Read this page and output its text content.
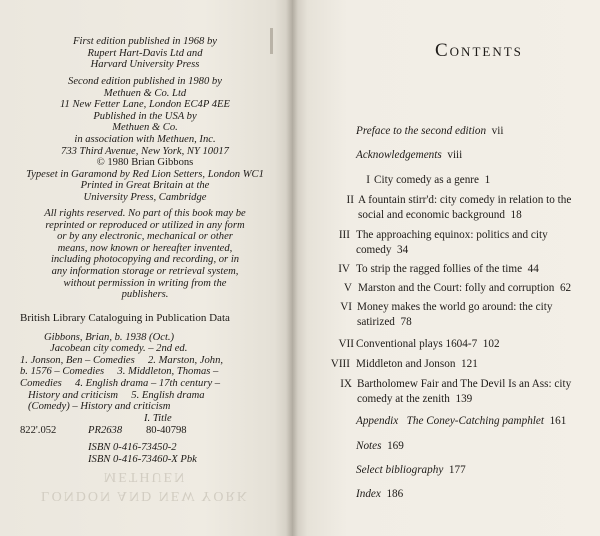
First edition published in 1968 by
Rupert Hart-Davis Ltd and
Harvard University Press
Second edition published in 1980 by
Methuen & Co. Ltd
11 New Fetter Lane, London EC4P 4EE
Published in the USA by
Methuen & Co.
in association with Methuen, Inc.
733 Third Avenue, New York, NY 10017
© 1980 Brian Gibbons
Typeset in Garamond by Red Lion Setters, London WC1
Printed in Great Britain at the
University Press, Cambridge
All rights reserved. No part of this book may be
reprinted or reproduced or utilized in any form
or by any electronic, mechanical or other
means, now known or hereafter invented,
including photocopying and recording, or in
any information storage or retrieval system,
without permission in writing from the
publishers.
British Library Cataloguing in Publication Data
Gibbons, Brian, b. 1938 (Oct.)
Jacobean city comedy. – 2nd ed.
1. Jonson, Ben – Comedies     2. Marston, John,
b. 1576 – Comedies     3. Middleton, Thomas –
Comedies     4. English drama – 17th century –
History and criticism     5. English drama
(Comedy) – History and criticism
I. Title
822'.052	PR2638 80-40798
ISBN 0-416-73450-2
ISBN 0-416-73460-X Pbk
METHUEN
LONDON AND NEW YORK
Contents
Preface to the second edition vii
Acknowledgements viii
I City comedy as a genre  1
II A fountain stirr'd: city comedy in relation to the
social and economic background  18
III The approaching equinox: politics and city
comedy  34
IV To strip the ragged follies of the time  44
V Marston and the Court: folly and corruption  62
VI Money makes the world go around: the city
satirized  78
VII Conventional plays 1604-7  102
VIII Middleton and Jonson  121
IX Bartholomew Fair and The Devil Is an Ass: city
comedy at the zenith  139
Appendix   The Coney-Catching pamphlet 161
Notes 169
Select bibliography 177
Index 186
